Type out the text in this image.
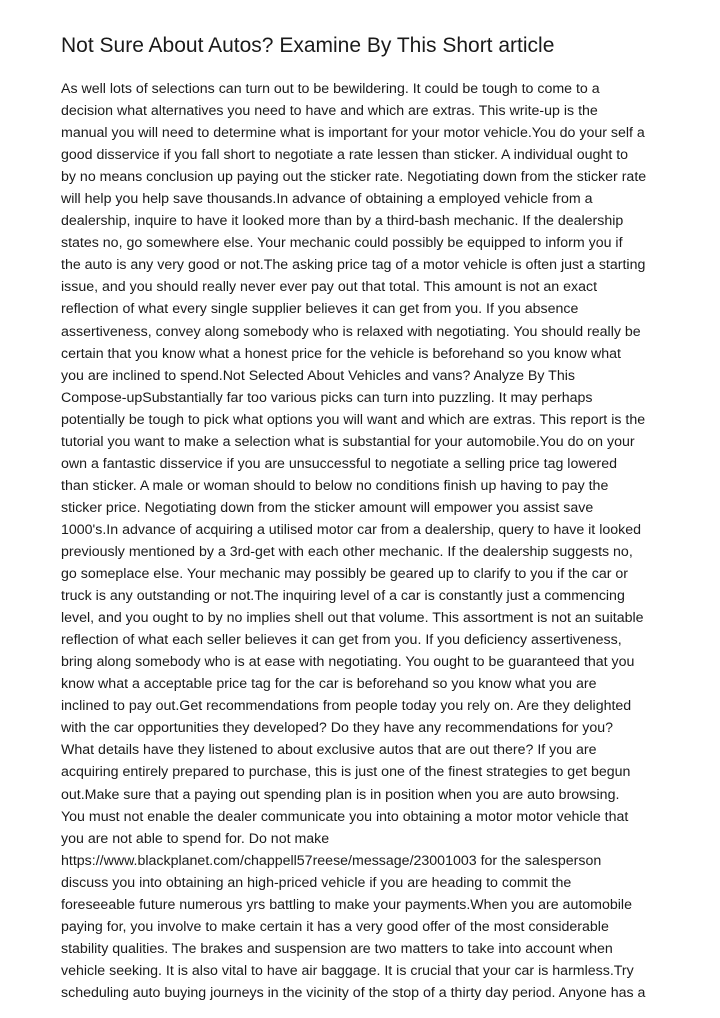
Not Sure About Autos? Examine By This Short article
As well lots of selections can turn out to be bewildering. It could be tough to come to a
decision what alternatives you need to have and which are extras. This write-up is the
manual you will need to determine what is important for your motor vehicle.You do your self a
good disservice if you fall short to negotiate a rate lessen than sticker. A individual ought to
by no means conclusion up paying out the sticker rate. Negotiating down from the sticker rate
will help you help save thousands.In advance of obtaining a employed vehicle from a
dealership, inquire to have it looked more than by a third-bash mechanic. If the dealership
states no, go somewhere else. Your mechanic could possibly be equipped to inform you if
the auto is any very good or not.The asking price tag of a motor vehicle is often just a starting
issue, and you should really never ever pay out that total. This amount is not an exact
reflection of what every single supplier believes it can get from you. If you absence
assertiveness, convey along somebody who is relaxed with negotiating. You should really be
certain that you know what a honest price for the vehicle is beforehand so you know what
you are inclined to spend.Not Selected About Vehicles and vans? Analyze By This
Compose-upSubstantially far too various picks can turn into puzzling. It may perhaps
potentially be tough to pick what options you will want and which are extras. This report is the
tutorial you want to make a selection what is substantial for your automobile.You do on your
own a fantastic disservice if you are unsuccessful to negotiate a selling price tag lowered
than sticker. A male or woman should to below no conditions finish up having to pay the
sticker price. Negotiating down from the sticker amount will empower you assist save
1000's.In advance of acquiring a utilised motor car from a dealership, query to have it looked
previously mentioned by a 3rd-get with each other mechanic. If the dealership suggests no,
go someplace else. Your mechanic may possibly be geared up to clarify to you if the car or
truck is any outstanding or not.The inquiring level of a car is constantly just a commencing
level, and you ought to by no implies shell out that volume. This assortment is not an suitable
reflection of what each seller believes it can get from you. If you deficiency assertiveness,
bring along somebody who is at ease with negotiating. You ought to be guaranteed that you
know what a acceptable price tag for the car is beforehand so you know what you are
inclined to pay out.Get recommendations from people today you rely on. Are they delighted
with the car opportunities they developed? Do they have any recommendations for you?
What details have they listened to about exclusive autos that are out there? If you are
acquiring entirely prepared to purchase, this is just one of the finest strategies to get begun
out.Make sure that a paying out spending plan is in position when you are auto browsing.
You must not enable the dealer communicate you into obtaining a motor motor vehicle that
you are not able to spend for. Do not make
https://www.blackplanet.com/chappell57reese/message/23001003 for the salesperson
discuss you into obtaining an high-priced vehicle if you are heading to commit the
foreseeable future numerous yrs battling to make your payments.When you are automobile
paying for, you involve to make certain it has a very good offer of the most considerable
stability qualities. The brakes and suspension are two matters to take into account when
vehicle seeking. It is also vital to have air baggage. It is crucial that your car is harmless.Try
scheduling auto buying journeys in the vicinity of the stop of a thirty day period. Anyone has a
